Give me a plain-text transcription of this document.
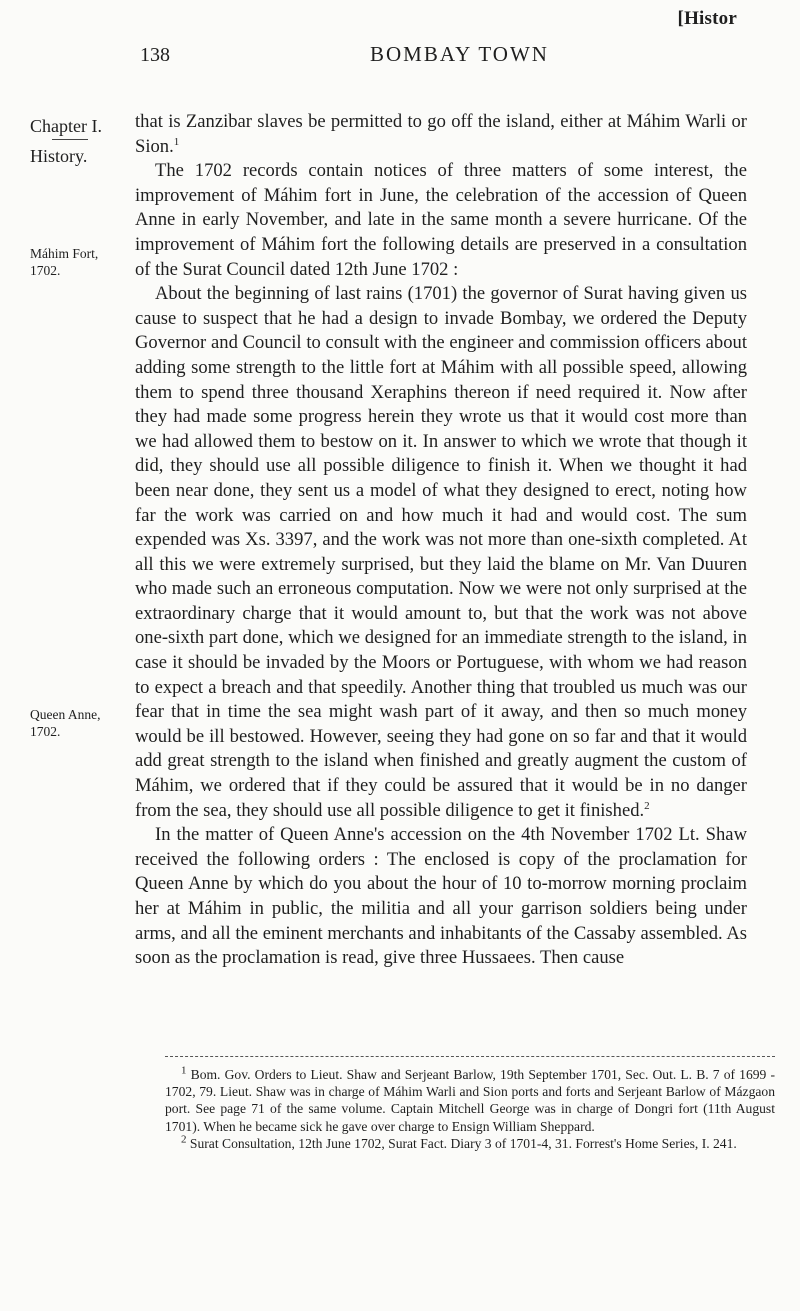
[Histor
138	BOMBAY TOWN
Chapter I.
History.
Máhim Fort,
1702.
Queen Anne,
1702.

that is Zanzibar slaves be permitted to go off the island, either at Máhim Warli or Sion.$^1$

The 1702 records contain notices of three matters of some interest, the improvement of Máhim fort in June, the celebration of the accession of Queen Anne in early November, and late in the same month a severe hurricane. Of the improvement of Máhim fort the following details are preserved in a consultation of the Surat Council dated 12th June 1702 :

About the beginning of last rains (1701) the governor of Surat having given us cause to suspect that he had a design to invade Bombay, we ordered the Deputy Governor and Council to consult with the engineer and commission officers about adding some strength to the little fort at Máhim with all possible speed, allowing them to spend three thousand Xeraphins thereon if need required it. Now after they had made some progress herein they wrote us that it would cost more than we had allowed them to bestow on it. In answer to which we wrote that though it did, they should use all possible diligence to finish it. When we thought it had been near done, they sent us a model of what they designed to erect, noting how far the work was carried on and how much it had and would cost. The sum expended was Xs. 3397, and the work was not more than one-sixth completed. At all this we were extremely surprised, but they laid the blame on Mr. Van Duuren who made such an erroneous computation. Now we were not only surprised at the extraordinary charge that it would amount to, but that the work was not above one-sixth part done, which we designed for an immediate strength to the island, in case it should be invaded by the Moors or Portuguese, with whom we had reason to expect a breach and that speedily. Another thing that troubled us much was our fear that in time the sea might wash part of it away, and then so much money would be ill bestowed. However, seeing they had gone on so far and that it would add great strength to the island when finished and greatly augment the custom of Máhim, we ordered that if they could be assured that it would be in no danger from the sea, they should use all possible diligence to get it finished.$^2$

In the matter of Queen Anne's accession on the 4th November 1702 Lt. Shaw received the following orders : The enclosed is copy of the proclamation for Queen Anne by which do you about the hour of 10 to-morrow morning proclaim her at Máhim in public, the militia and all your garrison soldiers being under arms, and all the eminent merchants and inhabitants of the Cassaby assembled. As soon as the proclamation is read, give three Hussaees. Then cause

$^1$ Bom. Gov. Orders to Lieut. Shaw and Serjeant Barlow, 19th September 1701, Sec. Out. L. B. 7 of 1699 - 1702, 79. Lieut. Shaw was in charge of Máhim Warli and Sion ports and forts and Serjeant Barlow of Mázgaon port. See page 71 of the same volume. Captain Mitchell George was in charge of Dongri fort (11th August 1701). When he became sick he gave over charge to Ensign William Sheppard.

$^2$ Surat Consultation, 12th June 1702, Surat Fact. Diary 3 of 1701-4, 31. Forrest's Home Series, I. 241.
